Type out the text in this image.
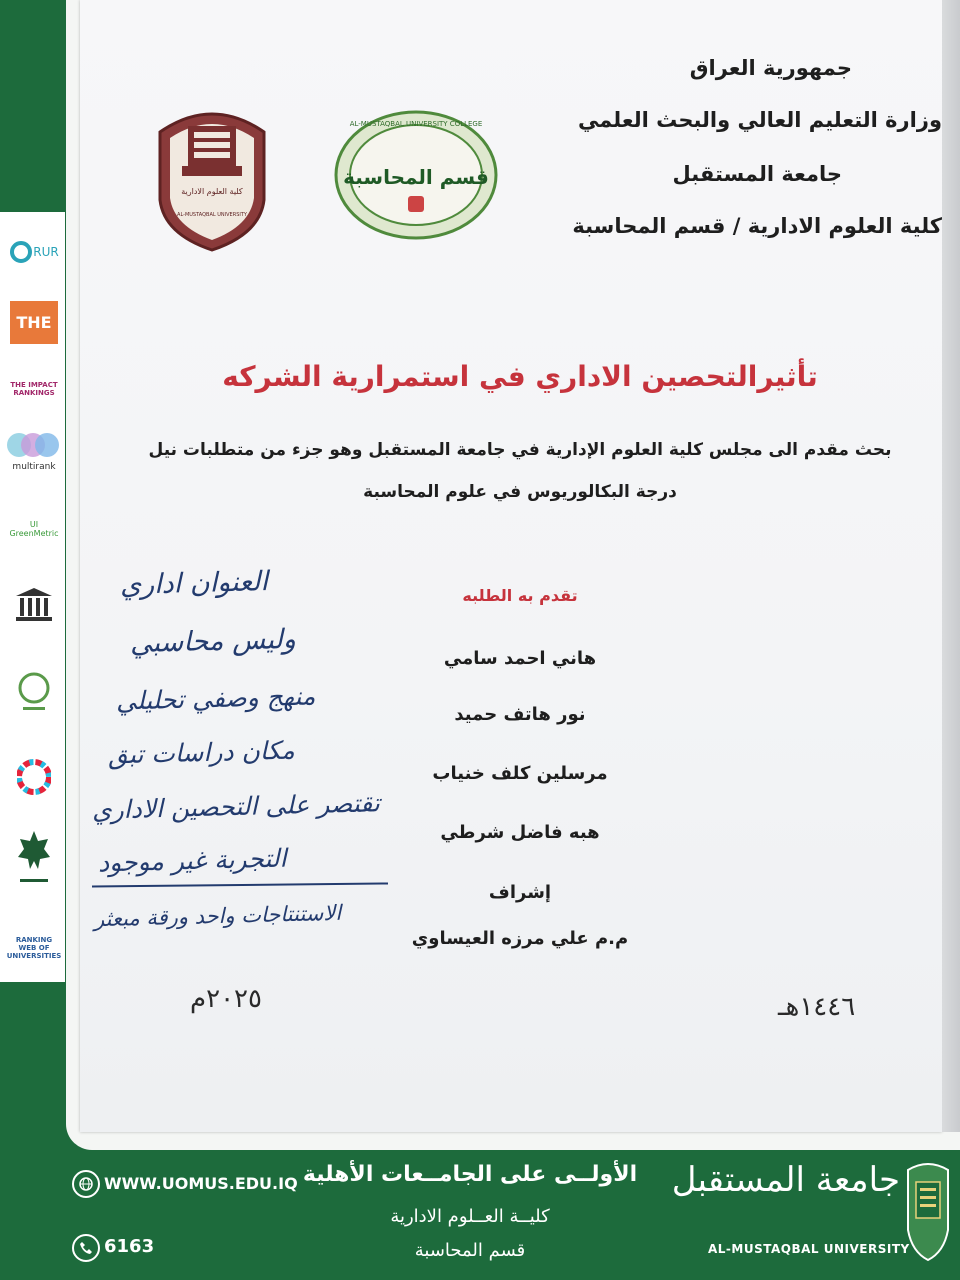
جمهورية العراق
وزارة التعليم العالي والبحث العلمي
جامعة المستقبل
كلية العلوم الادارية / قسم المحاسبة
كلية العلوم الادارية
AL-MUSTAQBAL UNIVERSITY
AL-MUSTAQBAL UNIVERSITY COLLEGE
قسم المحاسبة
تأثيرالتحصين الاداري في استمرارية الشركه
بحث مقدم الى مجلس كلية العلوم الإدارية في جامعة المستقبل وهو جزء من متطلبات نيل
درجة البكالوريوس في علوم المحاسبة
تقدم به الطلبه
هاني احمد سامي
نور هاتف حميد
مرسلين كلف خنياب
هبه فاضل شرطي
إشراف
م.م علي مرزه العيساوي
العنوان اداري
وليس محاسبي
منهج وصفي تحليلي
مكان دراسات تبق
تقتصر على التحصين الاداري
التجربة غير موجود
الاستنتاجات واحد ورقة مبعثر
٢٠٢٥م	١٤٤٦هـ
RUR
THE
THE IMPACT RANKINGS
multirank
UI GreenMetric
RANKING WEB OF UNIVERSITIES
WWW.UOMUS.EDU.IQ
6163
الأولــى على الجامــعات الأهلية
كليــة العــلوم الادارية
قسم المحاسبة
جامعة المستقبل
AL-MUSTAQBAL UNIVERSITY
